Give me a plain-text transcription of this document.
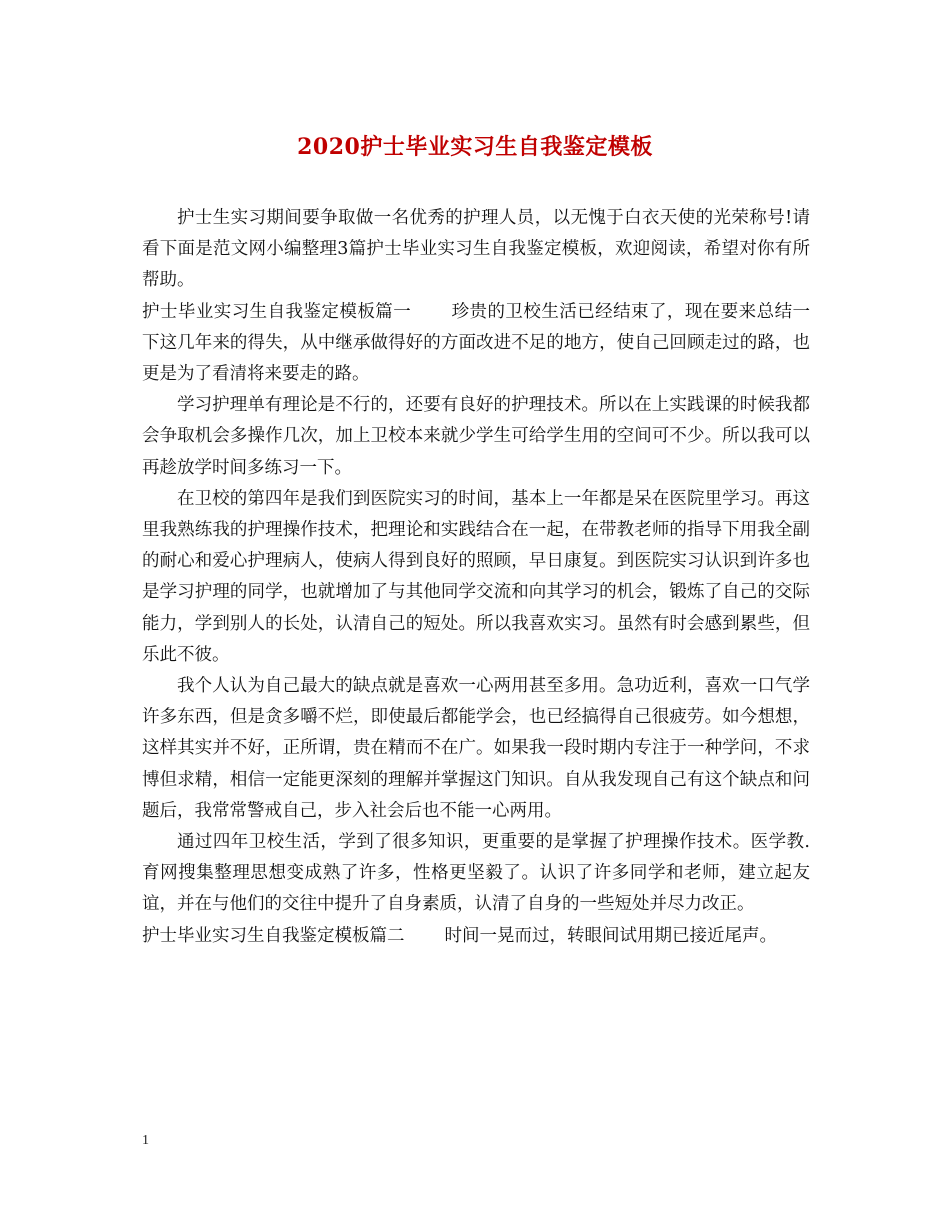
2020护士毕业实习生自我鉴定模板

护士生实习期间要争取做一名优秀的护理人员，以无愧于白衣天使的光荣称号!请看下面是范文网小编整理3篇护士毕业实习生自我鉴定模板，欢迎阅读，希望对你有所帮助。

护士毕业实习生自我鉴定模板篇一 珍贵的卫校生活已经结束了，现在要来总结一下这几年来的得失，从中继承做得好的方面改进不足的地方，使自己回顾走过的路，也更是为了看清将来要走的路。

学习护理单有理论是不行的，还要有良好的护理技术。所以在上实践课的时候我都会争取机会多操作几次，加上卫校本来就少学生可给学生用的空间可不少。所以我可以再趁放学时间多练习一下。

在卫校的第四年是我们到医院实习的时间，基本上一年都是呆在医院里学习。再这里我熟练我的护理操作技术，把理论和实践结合在一起，在带教老师的指导下用我全副的耐心和爱心护理病人，使病人得到良好的照顾，早日康复。到医院实习认识到许多也是学习护理的同学，也就增加了与其他同学交流和向其学习的机会，锻炼了自己的交际能力，学到别人的长处，认清自己的短处。所以我喜欢实习。虽然有时会感到累些，但乐此不彼。

我个人认为自己最大的缺点就是喜欢一心两用甚至多用。急功近利，喜欢一口气学许多东西，但是贪多嚼不烂，即使最后都能学会，也已经搞得自己很疲劳。如今想想，这样其实并不好，正所谓，贵在精而不在广。如果我一段时期内专注于一种学问，不求博但求精，相信一定能更深刻的理解并掌握这门知识。自从我发现自己有这个缺点和问题后，我常常警戒自己，步入社会后也不能一心两用。

通过四年卫校生活，学到了很多知识，更重要的是掌握了护理操作技术。医学教.育网搜集整理思想变成熟了许多，性格更坚毅了。认识了许多同学和老师，建立起友谊，并在与他们的交往中提升了自身素质，认清了自身的一些短处并尽力改正。

护士毕业实习生自我鉴定模板篇二 时间一晃而过，转眼间试用期已接近尾声。

1
